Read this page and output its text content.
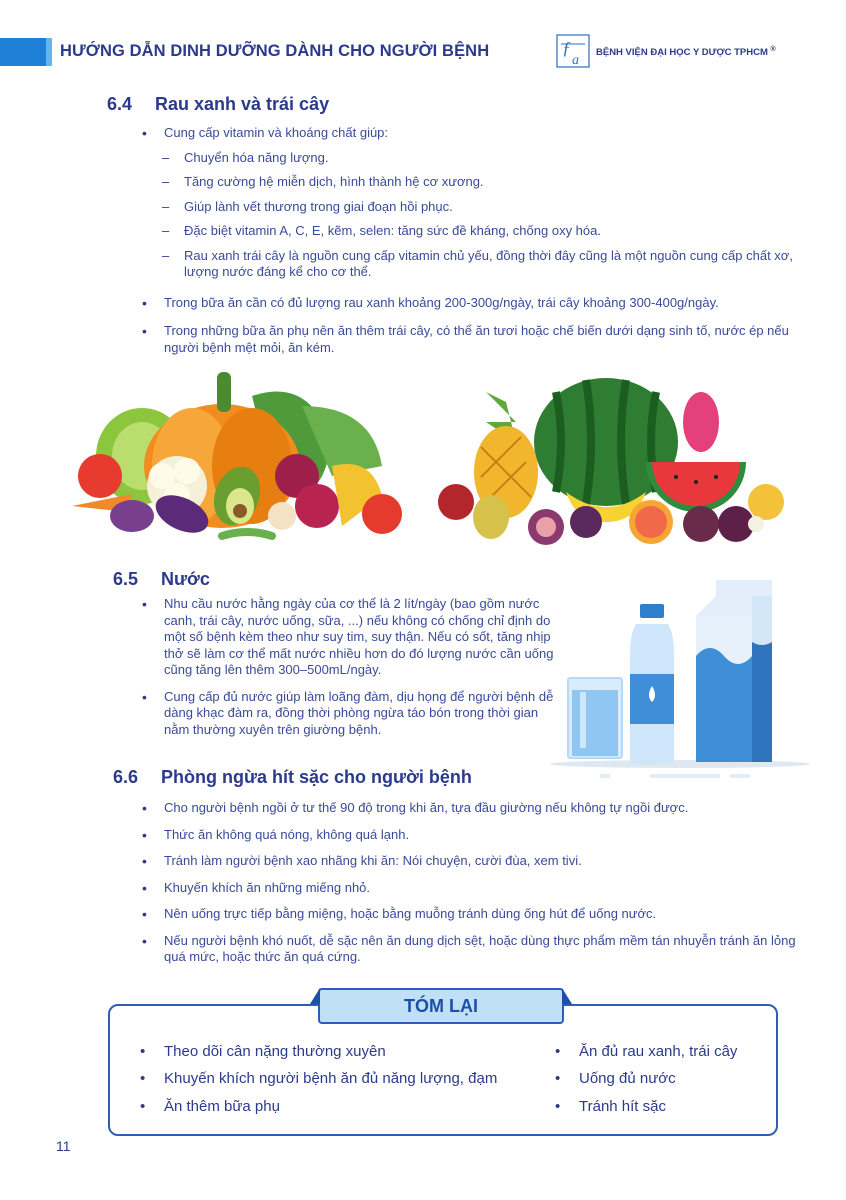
HƯỚNG DẪN DINH DƯỠNG DÀNH CHO NGƯỜI BỆNH	ƒ
a
BỆNH VIỆN ĐẠI HỌC Y DƯỢC TPHCM ®
6.4 Rau xanh và trái cây
• Cung cấp vitamin và khoáng chất giúp:
– Chuyển hóa năng lượng.
– Tăng cường hệ miễn dịch, hình thành hệ cơ xương.
– Giúp lành vết thương trong giai đoạn hồi phục.
– Đặc biệt vitamin A, C, E, kẽm, selen: tăng sức đề kháng, chống oxy hóa.
– Rau xanh trái cây là nguồn cung cấp vitamin chủ yếu, đồng thời đây cũng là một nguồn cung cấp chất xơ, lượng nước đáng kể cho cơ thể.
• Trong bữa ăn cần có đủ lượng rau xanh khoảng 200-300g/ngày, trái cây khoảng 300-400g/ngày.
• Trong những bữa ăn phụ nên ăn thêm trái cây, có thể ăn tươi hoặc chế biến dưới dạng sinh tố, nước ép nếu người bệnh mệt mỏi, ăn kém.
6.5 Nước
• Nhu cầu nước hằng ngày của cơ thể là 2 lít/ngày (bao gồm nước canh, trái cây, nước uống, sữa, ...) nếu không có chống chỉ định do một số bệnh kèm theo như suy tim, suy thận. Nếu có sốt, tăng nhịp thở sẽ làm cơ thể mất nước nhiều hơn do đó lượng nước cần uống cũng tăng lên thêm 300–500mL/ngày.
• Cung cấp đủ nước giúp làm loãng đàm, dịu họng để người bệnh dễ dàng khạc đàm ra, đồng thời phòng ngừa táo bón trong thời gian nằm thường xuyên trên giường bệnh.
6.6 Phòng ngừa hít sặc cho người bệnh
• Cho người bệnh ngồi ở tư thế 90 độ trong khi ăn, tựa đầu giường nếu không tự ngồi được.
• Thức ăn không quá nóng, không quá lạnh.
• Tránh làm người bệnh xao nhãng khi ăn: Nói chuyện, cười đùa, xem tivi.
• Khuyến khích ăn những miếng nhỏ.
• Nên uống trực tiếp bằng miệng, hoặc bằng muỗng tránh dùng ống hút để uống nước.
• Nếu người bệnh khó nuốt, dễ sặc nên ăn dung dịch sệt, hoặc dùng thực phẩm mềm tán nhuyễn tránh ăn lỏng quá mức, hoặc thức ăn quá cứng.
TÓM LẠI
• Theo dõi cân nặng thường xuyên
• Khuyến khích người bệnh ăn đủ năng lượng, đạm
• Ăn thêm bữa phụ
• Ăn đủ rau xanh, trái cây
• Uống đủ nước
• Tránh hít sặc
11
